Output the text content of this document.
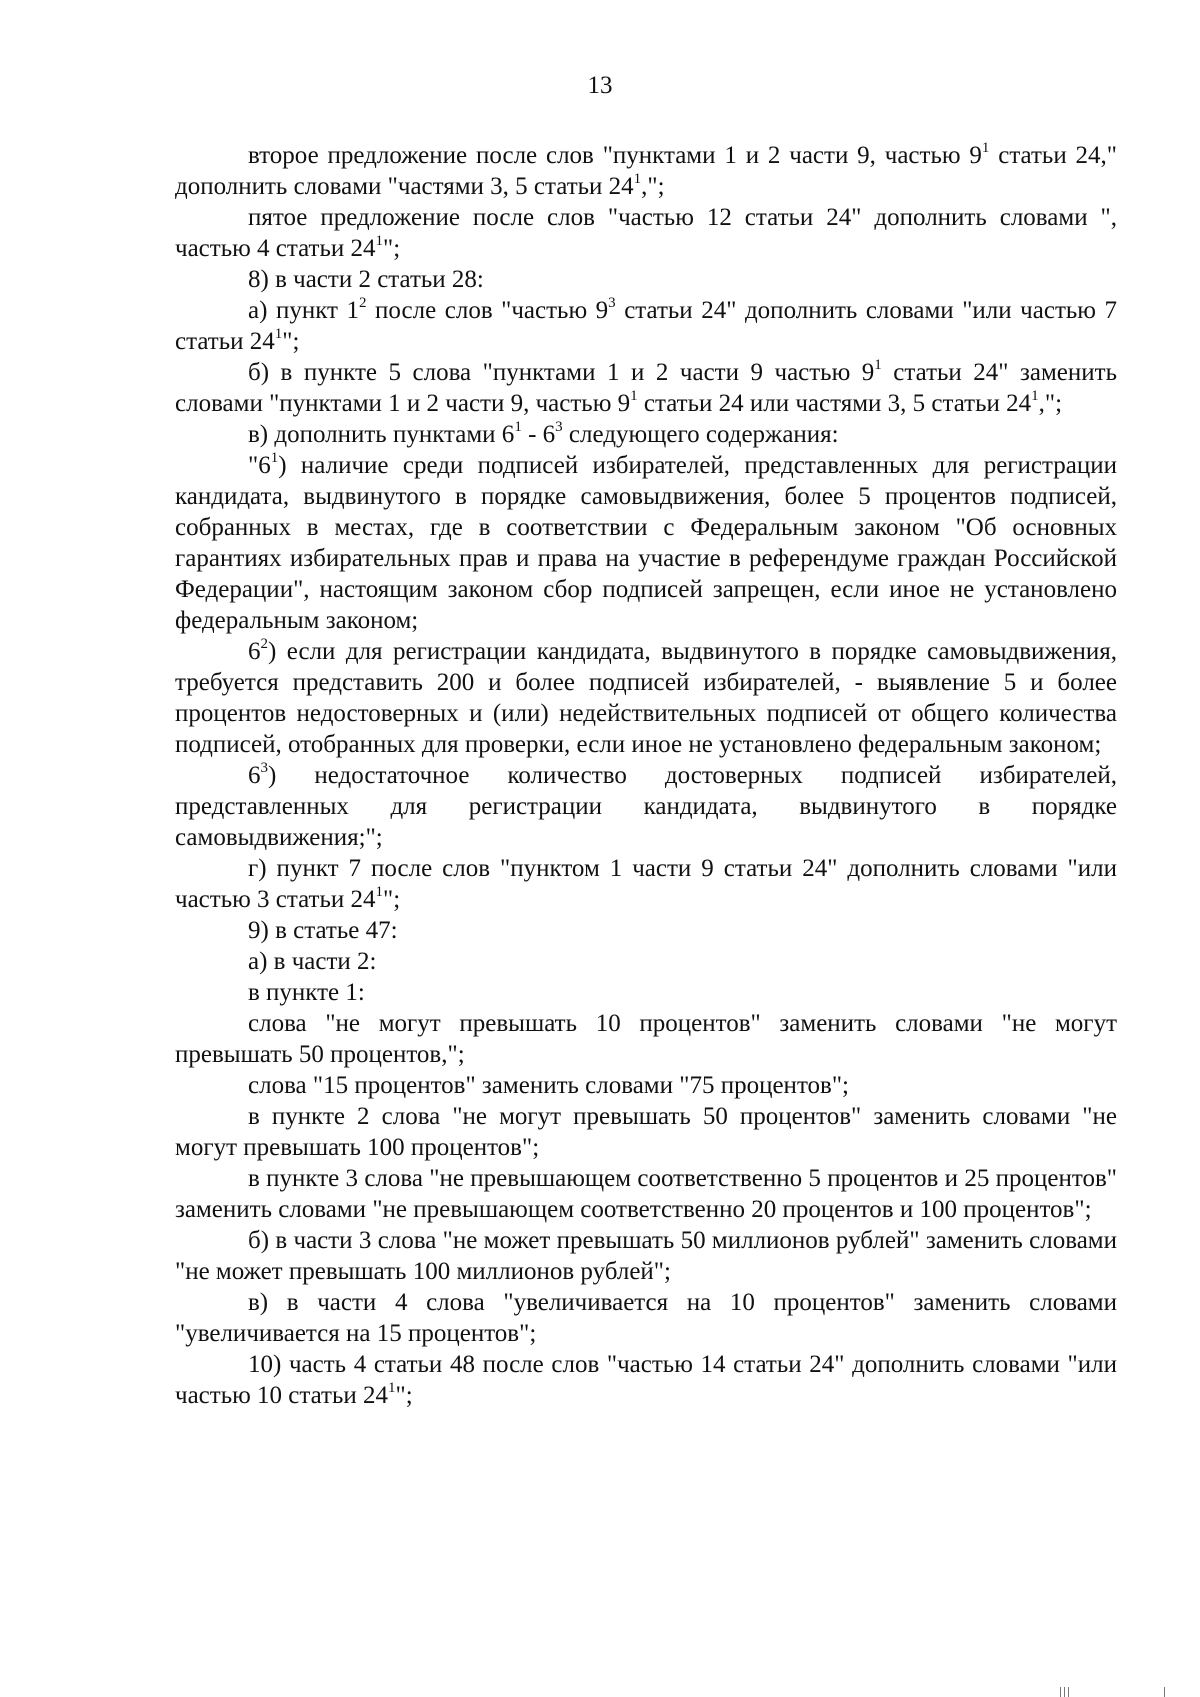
13

второе предложение после слов "пунктами 1 и 2 части 9, частью $9^1$ статьи 24," дополнить словами "частями 3, 5 статьи $24^1$,";

пятое предложение после слов "частью 12 статьи 24" дополнить словами ", частью 4 статьи $24^1$";

8) в части 2 статьи 28:

а) пункт $1^2$ после слов "частью $9^3$ статьи 24" дополнить словами "или частью 7 статьи $24^1$";

б) в пункте 5 слова "пунктами 1 и 2 части 9 частью $9^1$ статьи 24" заменить словами "пунктами 1 и 2 части 9, частью $9^1$ статьи 24 или частями 3, 5 статьи $24^1$,";

в) дополнить пунктами $6^1 - 6^3$ следующего содержания:

"$6^1$) наличие среди подписей избирателей, представленных для регистрации кандидата, выдвинутого в порядке самовыдвижения, более 5 процентов подписей, собранных в местах, где в соответствии с Федеральным законом "Об основных гарантиях избирательных прав и права на участие в референдуме граждан Российской Федерации", настоящим законом сбор подписей запрещен, если иное не установлено федеральным законом;

$6^2$) если для регистрации кандидата, выдвинутого в порядке самовыдвижения, требуется представить 200 и более подписей избирателей, - выявление 5 и более процентов недостоверных и (или) недействительных подписей от общего количества подписей, отобранных для проверки, если иное не установлено федеральным законом;

$6^3$) недостаточное количество достоверных подписей избирателей, представленных для регистрации кандидата, выдвинутого в порядке самовыдвижения;";

г) пункт 7 после слов "пунктом 1 части 9 статьи 24" дополнить словами "или частью 3 статьи $24^1$";

9) в статье 47:

а) в части 2:

в пункте 1:

слова "не могут превышать 10 процентов" заменить словами "не могут превышать 50 процентов,";

слова "15 процентов" заменить словами "75 процентов";

в пункте 2 слова "не могут превышать 50 процентов" заменить словами "не могут превышать 100 процентов";

в пункте 3 слова "не превышающем соответственно 5 процентов и 25 процентов" заменить словами "не превышающем соответственно 20 процентов и 100 процентов";

б) в части 3 слова "не может превышать 50 миллионов рублей" заменить словами "не может превышать 100 миллионов рублей";

в) в части 4 слова "увеличивается на 10 процентов" заменить словами "увеличивается на 15 процентов";

10) часть 4 статьи 48 после слов "частью 14 статьи 24" дополнить словами "или частью 10 статьи $24^1$";
